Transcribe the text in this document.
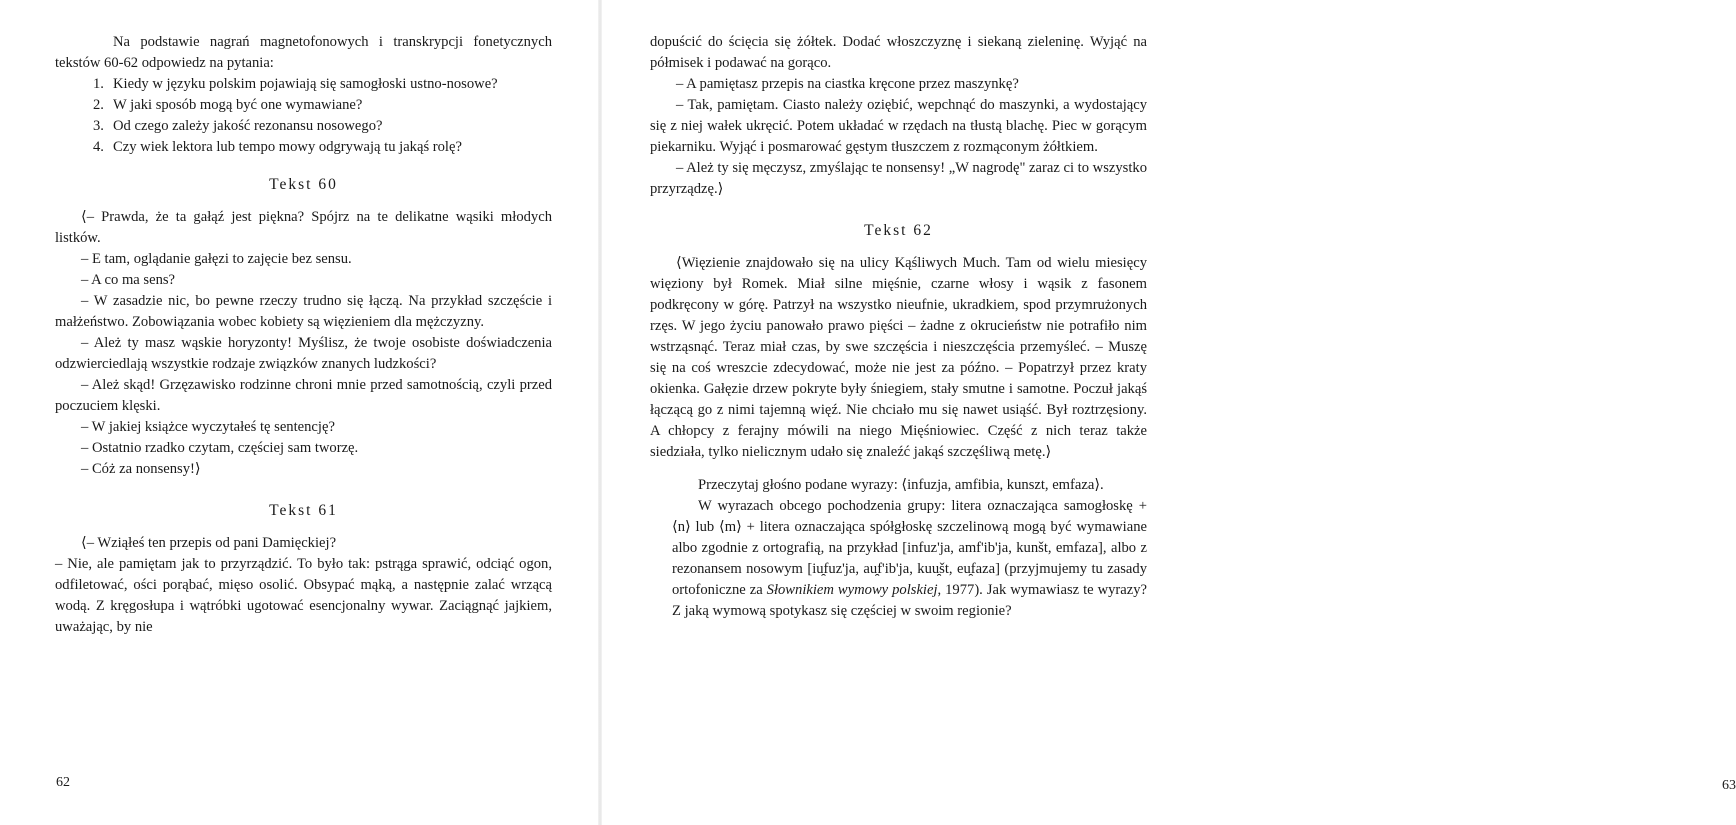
Na podstawie nagrań magnetofonowych i transkrypcji fonetycznych tekstów 60-62 odpowiedz na pytania:

1. Kiedy w języku polskim pojawiają się samogłoski ustno-nosowe?
2. W jaki sposób mogą być one wymawiane?
3. Od czego zależy jakość rezonansu nosowego?
4. Czy wiek lektora lub tempo mowy odgrywają tu jakąś rolę?
Tekst 60

⟨– Prawda, że ta gałąź jest piękna? Spójrz na te delikatne wąsiki młodych listków.

– E tam, oglądanie gałęzi to zajęcie bez sensu.

– A co ma sens?

– W zasadzie nic, bo pewne rzeczy trudno się łączą. Na przykład szczęście i małżeństwo. Zobowiązania wobec kobiety są więzieniem dla mężczyzny.

– Ależ ty masz wąskie horyzonty! Myślisz, że twoje osobiste doświadczenia odzwierciedlają wszystkie rodzaje związków znanych ludzkości?

– Ależ skąd! Grzęzawisko rodzinne chroni mnie przed samotnością, czyli przed poczuciem klęski.

– W jakiej książce wyczytałeś tę sentencję?

– Ostatnio rzadko czytam, częściej sam tworzę.

– Cóż za nonsensy!⟩

Tekst 61

⟨– Wziąłeś ten przepis od pani Damięckiej?

– Nie, ale pamiętam jak to przyrządzić. To było tak: pstrąga sprawić, odciąć ogon, odfiletować, ości porąbać, mięso osolić. Obsypać mąką, a następnie zalać wrzącą wodą. Z kręgosłupa i wątróbki ugotować esencjonalny wywar. Zaciągnąć jajkiem, uważając, by nie

62

dopuścić do ścięcia się żółtek. Dodać włoszczyznę i siekaną zieleninę. Wyjąć na półmisek i podawać na gorąco.

– A pamiętasz przepis na ciastka kręcone przez maszynkę?

– Tak, pamiętam. Ciasto należy oziębić, wepchnąć do maszynki, a wydostający się z niej wałek ukręcić. Potem układać w rzędach na tłustą blachę. Piec w gorącym piekarniku. Wyjąć i posmarować gęstym tłuszczem z rozmąconym żółtkiem.

– Ależ ty się męczysz, zmyślając te nonsensy! „W nagrodę" zaraz ci to wszystko przyrządzę.⟩

Tekst 62

⟨Więzienie znajdowało się na ulicy Kąśliwych Much. Tam od wielu miesięcy więziony był Romek. Miał silne mięśnie, czarne włosy i wąsik z fasonem podkręcony w górę. Patrzył na wszystko nieufnie, ukradkiem, spod przymrużonych rzęs. W jego życiu panowało prawo pięści – żadne z okrucieństw nie potrafiło nim wstrząsnąć. Teraz miał czas, by swe szczęścia i nieszczęścia przemyśleć. – Muszę się na coś wreszcie zdecydować, może nie jest za późno. – Popatrzył przez kraty okienka. Gałęzie drzew pokryte były śniegiem, stały smutne i samotne. Poczuł jakąś łączącą go z nimi tajemną więź. Nie chciało mu się nawet usiąść. Był roztrzęsiony. A chłopcy z ferajny mówili na niego Mięśniowiec. Część z nich teraz także siedziała, tylko nielicznym udało się znaleźć jakąś szczęśliwą metę.⟩

Przeczytaj głośno podane wyrazy: ⟨infuzja, amfibia, kunszt, emfaza⟩.

W wyrazach obcego pochodzenia grupy: litera oznaczająca samogłoskę + ⟨n⟩ lub ⟨m⟩ + litera oznaczająca spółgłoskę szczelinową mogą być wymawiane albo zgodnie z ortografią, na przykład [infuz'ja, amf'ib'ja, kunšt, emfaza], albo z rezonansem nosowym [iu̯fuz'ja, au̯f'ib'ja, kuu̯št, eu̯faza] (przyjmujemy tu zasady ortofoniczne za Słownikiem wymowy polskiej, 1977). Jak wymawiasz te wyrazy? Z jaką wymową spotykasz się częściej w swoim regionie?

63
